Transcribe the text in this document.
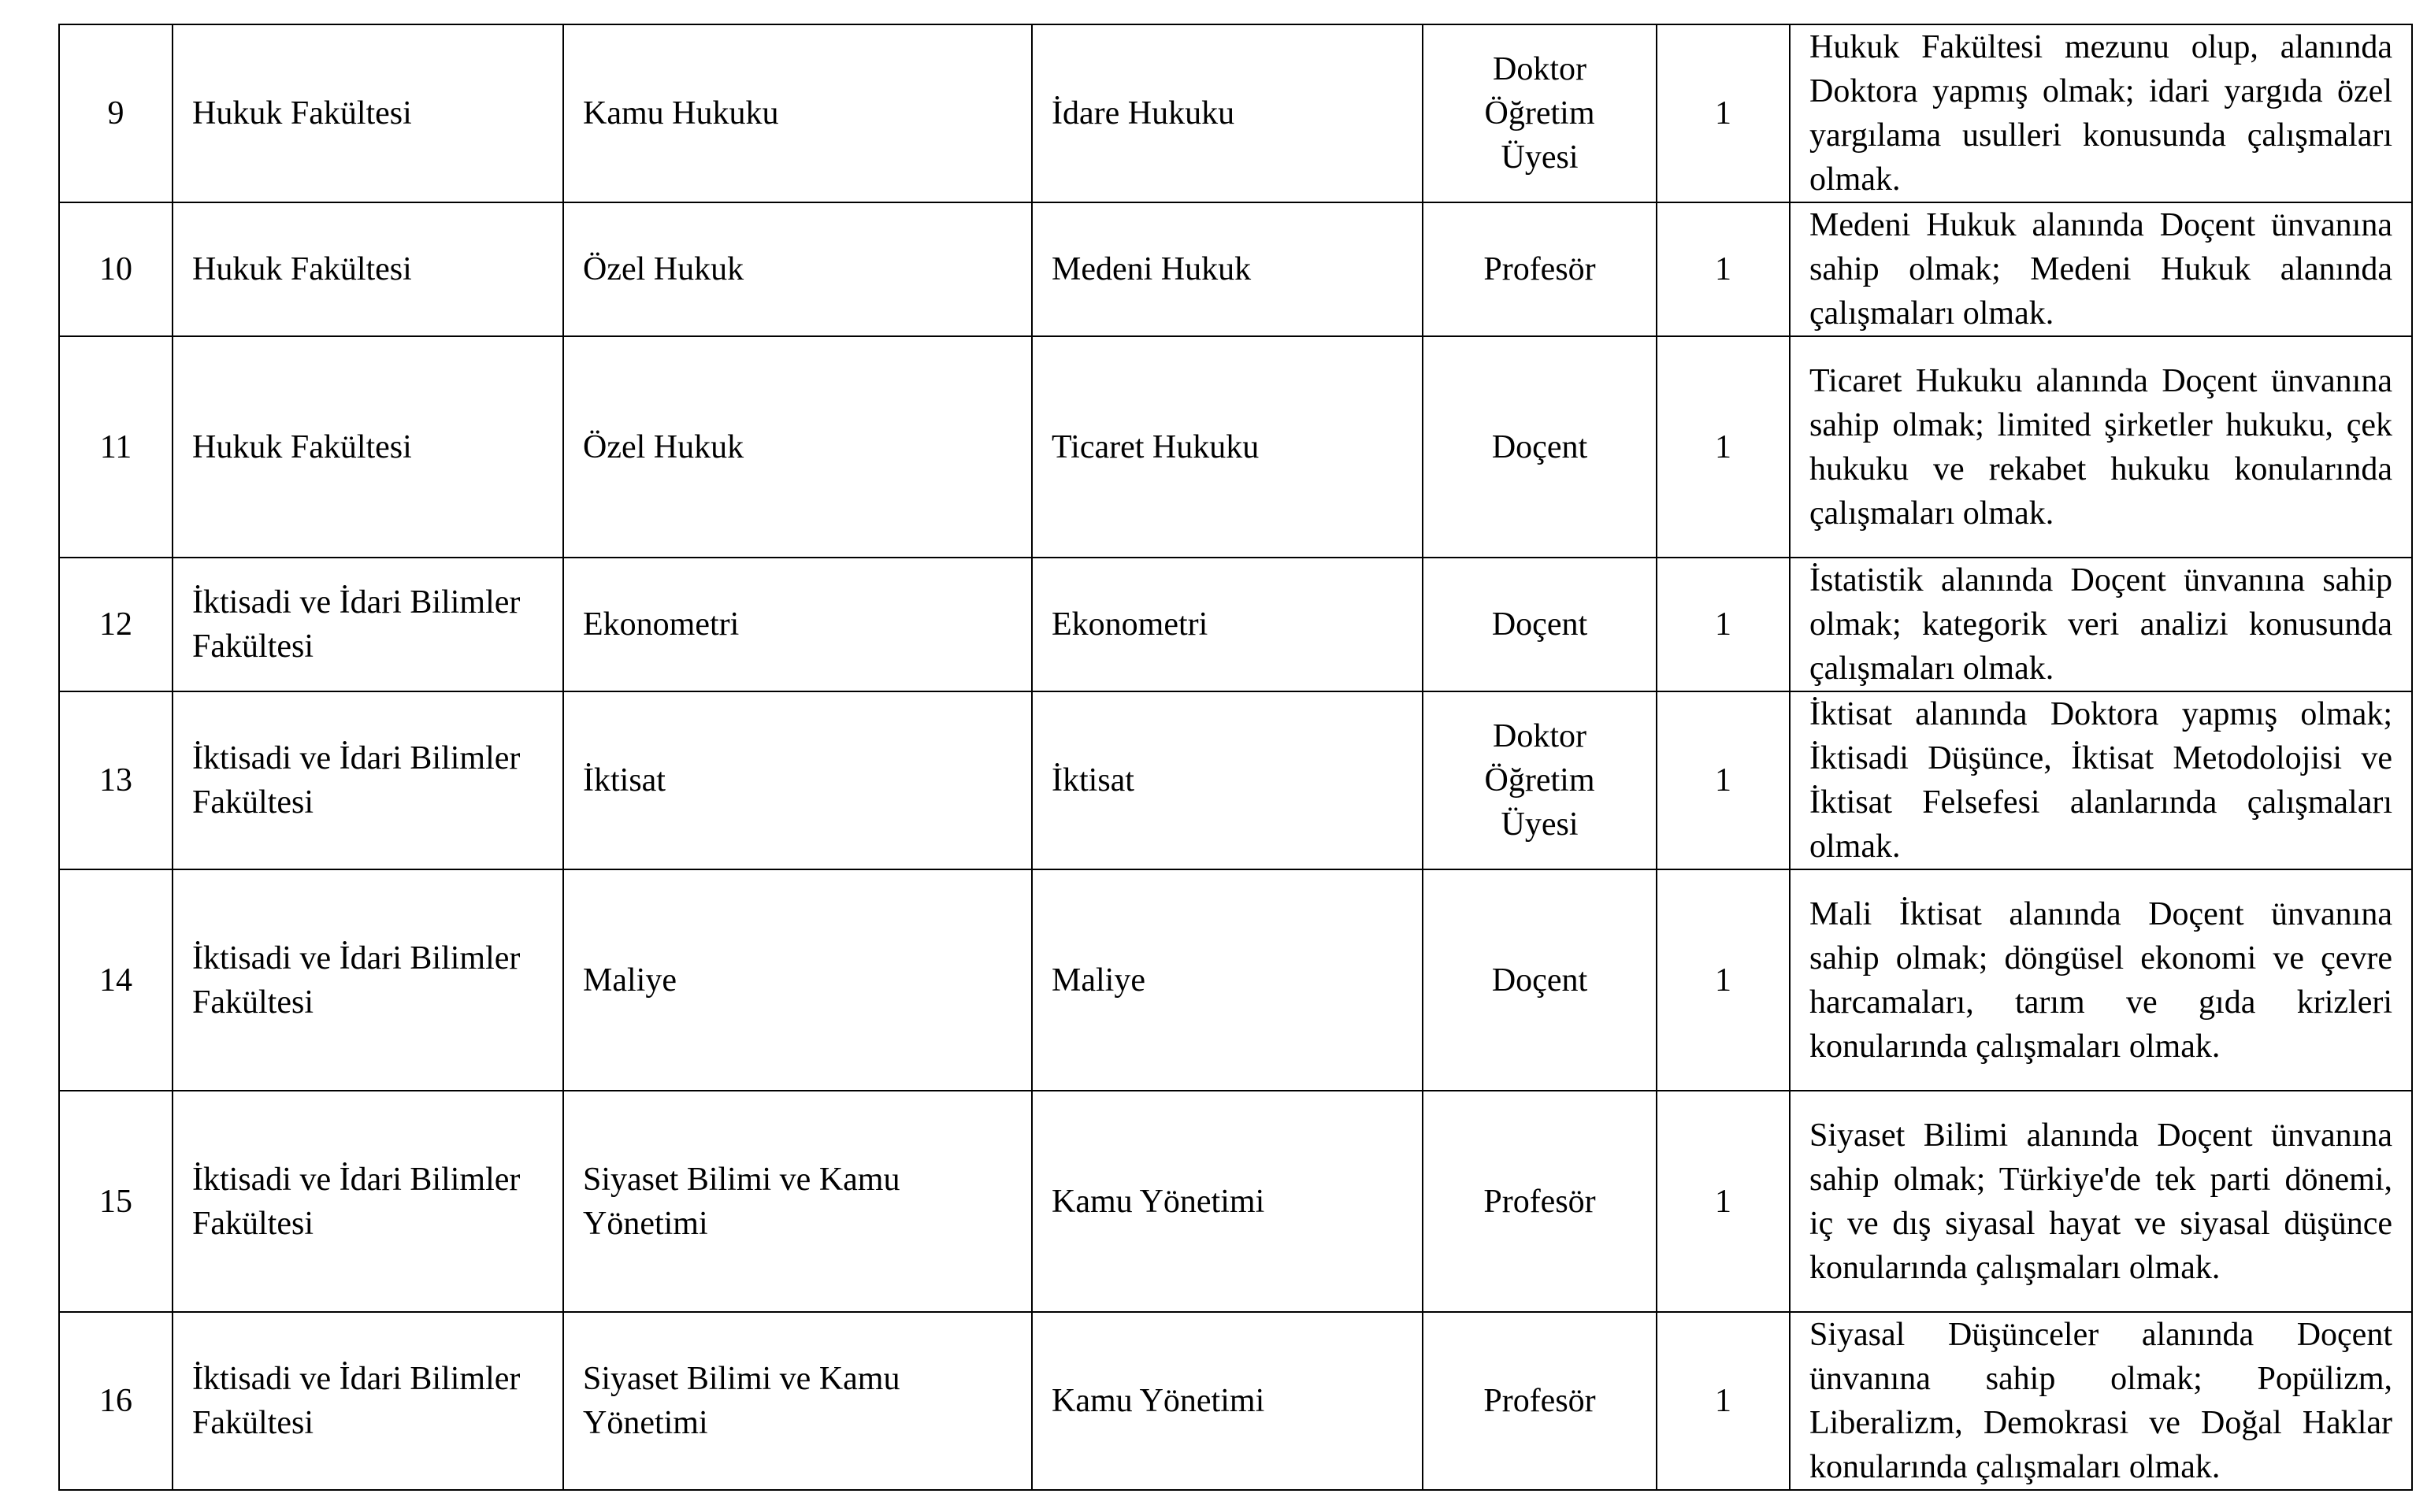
9	Hukuk Fakültesi	Kamu Hukuku	İdare Hukuku	Doktor Öğretim Üyesi	1	Hukuk Fakültesi mezunu olup, alanında Doktora yapmış olmak; idari yargıda özel yargılama usulleri konusunda çalışmaları olmak.
10	Hukuk Fakültesi	Özel Hukuk	Medeni Hukuk	Profesör	1	Medeni Hukuk alanında Doçent ünvanına sahip olmak; Medeni Hukuk alanında çalışmaları olmak.
11	Hukuk Fakültesi	Özel Hukuk	Ticaret Hukuku	Doçent	1	Ticaret Hukuku alanında Doçent ünvanına sahip olmak; limited şirketler hukuku, çek hukuku ve rekabet hukuku konularında çalışmaları olmak.
12	İktisadi ve İdari Bilimler Fakültesi	Ekonometri	Ekonometri	Doçent	1	İstatistik alanında Doçent ünvanına sahip olmak; kategorik veri analizi konusunda çalışmaları olmak.
13	İktisadi ve İdari Bilimler Fakültesi	İktisat	İktisat	Doktor Öğretim Üyesi	1	İktisat alanında Doktora yapmış olmak; İktisadi Düşünce, İktisat Metodolojisi ve İktisat Felsefesi alanlarında çalışmaları olmak.
14	İktisadi ve İdari Bilimler Fakültesi	Maliye	Maliye	Doçent	1	Mali İktisat alanında Doçent ünvanına sahip olmak; döngüsel ekonomi ve çevre harcamaları, tarım ve gıda krizleri konularında çalışmaları olmak.
15	İktisadi ve İdari Bilimler Fakültesi	Siyaset Bilimi ve Kamu Yönetimi	Kamu Yönetimi	Profesör	1	Siyaset Bilimi alanında Doçent ünvanına sahip olmak; Türkiye'de tek parti dönemi, iç ve dış siyasal hayat ve siyasal düşünce konularında çalışmaları olmak.
16	İktisadi ve İdari Bilimler Fakültesi	Siyaset Bilimi ve Kamu Yönetimi	Kamu Yönetimi	Profesör	1	Siyasal Düşünceler alanında Doçent ünvanına sahip olmak; Popülizm, Liberalizm, Demokrasi ve Doğal Haklar konularında çalışmaları olmak.
